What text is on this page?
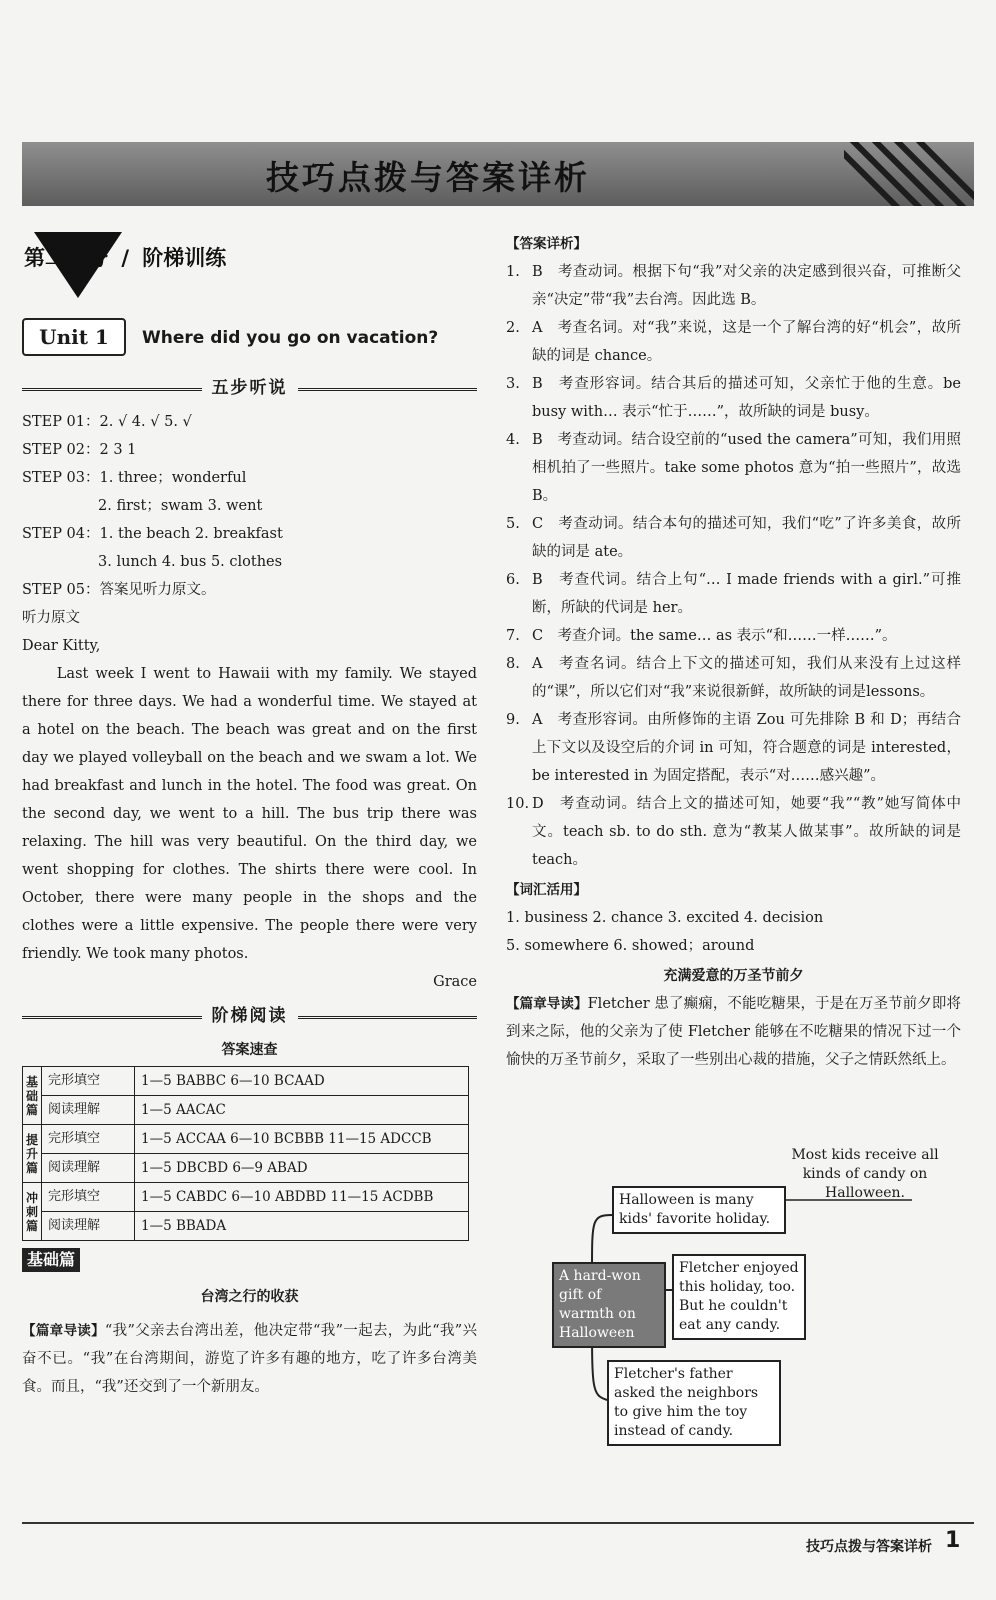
技巧点拨与答案详析
第二部分 / 阶梯训练
Unit 1	Where did you go on vacation?
五步听说
STEP 01：2. √ 4. √ 5. √
STEP 02：2 3 1
STEP 03：1. three；wonderful
2. first；swam 3. went
STEP 04：1. the beach 2. breakfast
3. lunch 4. bus 5. clothes
STEP 05：答案见听力原文。
听力原文
Dear Kitty,

Last week I went to Hawaii with my family. We stayed there for three days. We had a wonderful time. We stayed at a hotel on the beach. The beach was great and on the first day we played volleyball on the beach and we swam a lot. We had breakfast and lunch in the hotel. The food was great. On the second day, we went to a hill. The bus trip there was relaxing. The hill was very beautiful. On the third day, we went shopping for clothes. The shirts there were cool. In October, there were many people in the shops and the clothes were a little expensive. The people there were very friendly. We took many photos.

Grace
阶梯阅读
答案速查
基础篇	完形填空	1—5 BABBC 6—10 BCAAD
	阅读理解	1—5 AACAC
提升篇	完形填空	1—5 ACCAA 6—10 BCBBB 11—15 ADCCB
	阅读理解	1—5 DBCBD 6—9 ABAD
冲刺篇	完形填空	1—5 CABDC 6—10 ABDBD 11—15 ACDBB
	阅读理解	1—5 BBADA
基础篇
台湾之行的收获
【篇章导读】“我”父亲去台湾出差，他决定带“我”一起去，为此“我”兴奋不已。“我”在台湾期间，游览了许多有趣的地方，吃了许多台湾美食。而且，“我”还交到了一个新朋友。
【答案详析】
1. B　考查动词。根据下句“我”对父亲的决定感到很兴奋，可推断父亲“决定”带“我”去台湾。因此选 B。
2. A　考查名词。对“我”来说，这是一个了解台湾的好“机会”，故所缺的词是 chance。
3. B　考查形容词。结合其后的描述可知，父亲忙于他的生意。be busy with… 表示“忙于……”，故所缺的词是 busy。
4. B　考查动词。结合设空前的“used the camera”可知，我们用照相机拍了一些照片。take some photos 意为“拍一些照片”，故选 B。
5. C　考查动词。结合本句的描述可知，我们“吃”了许多美食，故所缺的词是 ate。
6. B　考查代词。结合上句“… I made friends with a girl.”可推断，所缺的代词是 her。
7. C　考查介词。the same… as 表示“和……一样……”。
8. A　考查名词。结合上下文的描述可知，我们从来没有上过这样的“课”，所以它们对“我”来说很新鲜，故所缺的词是lessons。
9. A　考查形容词。由所修饰的主语 Zou 可先排除 B 和 D；再结合上下文以及设空后的介词 in 可知，符合题意的词是 interested，be interested in 为固定搭配，表示“对……感兴趣”。
10. D　考查动词。结合上文的描述可知，她要“我”“教”她写简体中文。teach sb. to do sth. 意为“教某人做某事”。故所缺的词是 teach。
【词汇活用】
1. business 2. chance 3. excited 4. decision
5. somewhere 6. showed；around
充满爱意的万圣节前夕
【篇章导读】Fletcher 患了癫痫，不能吃糖果，于是在万圣节前夕即将到来之际，他的父亲为了使 Fletcher 能够在不吃糖果的情况下过一个愉快的万圣节前夕，采取了一些别出心裁的措施，父子之情跃然纸上。
Halloween is many kids' favorite holiday.
Most kids receive all kinds of candy on Halloween.
A hard-won gift of warmth on Halloween
Fletcher enjoyed this holiday, too. But he couldn't eat any candy.
Fletcher's father asked the neighbors to give him the toy instead of candy.
技巧点拨与答案详析 1
